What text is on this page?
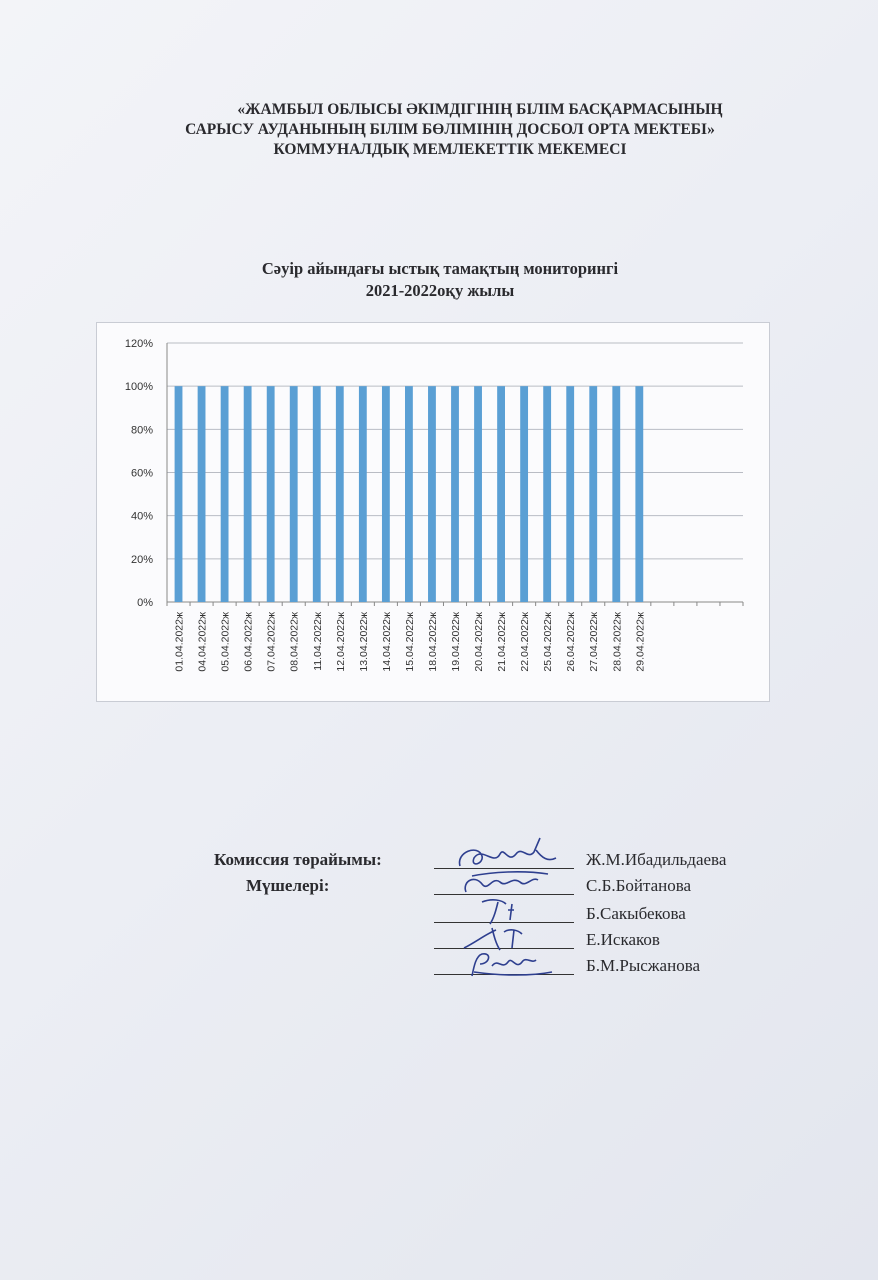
«ЖАМБЫЛ ОБЛЫСЫ ӘКІМДІГІНІҢ БІЛІМ БАСҚАРМАСЫНЫҢ
САРЫСУ АУДАНЫНЫҢ БІЛІМ БӨЛІМІНІҢ ДОСБОЛ ОРТА МЕКТЕБІ»
КОММУНАЛДЫҚ МЕМЛЕКЕТТІК МЕКЕМЕСІ
Сәуір айындағы ыстық тамақтың мониторингі
2021-2022оқу жылы
0%
20%
40%
60%
80%
100%
120%
01.04.2022ж 04.04.2022ж 05.04.2022ж 06.04.2022ж 07.04.2022ж 08.04.2022ж 11.04.2022ж 12.04.2022ж 13.04.2022ж 14.04.2022ж 15.04.2022ж 18.04.2022ж 19.04.2022ж 20.04.2022ж 21.04.2022ж 22.04.2022ж 25.04.2022ж 26.04.2022ж 27.04.2022ж 28.04.2022ж 29.04.2022ж
Комиссия төрайымы:
Мүшелері:
Ж.М.Ибадильдаева
С.Б.Бойтанова
Б.Сакыбекова
Е.Искаков
Б.М.Рысжанова
